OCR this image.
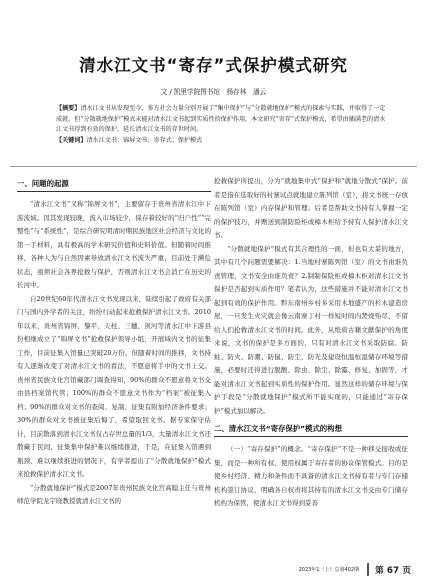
清水江文书“寄存”式保护模式研究
文 / 凯里学院图书馆　杨存林　潘云
【摘要】清水江文书从发现至今，多方社会力量分别开展了“集中保护”与“分散就地保护”模式的探索与实践，并取得了一定成就。但“分散就地保护”模式未能对清水江文书起到实质性的保护作用。本文研究“寄存”式保护模式，希望由插满老的清水江文书得到有效的保护，延长清水江文书的存世时间。
【关键词】清水江文书；锦屏文书；寄存式；保护模式
一、问题的起源

“清水江文书”又称“锦屏文书”，主要留存于贵州省清水江中下游流域。因其发现较晚，流入市场较少，保存着较好的“归户性”“完整性”与“系统性”，是综合研究明清时期民族地区社会经济与文化的第一手材料，具有极高的学术研究价值和史料价值。但随着时间推移，各种人为与自然因素导致清水江文书流失严重，目前处于濒危状态，亟须社会各界抢救与保护，否则清水江文书会消亡在历史的长河中。

自20世纪60年代清水江文书发现以来，陆续引起了政府有关部门与国内外学者的关注，纷纷行动起来抢救保护清水江文书。2010年以来，贵州省锦屏、黎平、天柱、三穗、剑河等清水江中下游县份相继成立了“锦屏文书”抢救保护领导小组，开展域内文书的征集工作，目前征集入馆量已突破20万份。但随着时间的推移，文书持有人逐渐改变了对清水江文书的看法，不愿意将手中的文书上交。贵州省民族文化宫馆藏部门调查得知，90%的群众不愿意将文书交由县档案馆代管；100%的群众不愿意文书作为“档案”被征集入档；90%的群众对文书的查阅、复制、征集有附加经济条件要求；30%的群众对文书被征集后悔了，希望取回文书。据专家保守估计，目前散落到清水江文书仅占存世总量的1/3，大量清水江文书还散藏于民间，征集集中保护难以继续推进，于是，在征集入馆遇到瓶颈、难以继续推进的情况下，有学者提出了“分散就地保护”模式来抢救保护清水江文书。

“分散就地保护”模式是2007年贵州民族文化宫高聪主任与贵州师范学院龙宇晓教授就清水江文书的

抢救保护所提出，分为“就地集中式”保护和“就地分散式”保护。前者是指在选取好的村寨试点就地建立陈列馆（室），将文书统一存放在陈列馆（室）内存保护和管理；后者是帮助文书持有人掌握一定的保护技巧，并赠送到制防险柜或樟木柜给予持有人保护清水江文书。

“分散就地保护”模式有其合理性的一面，但也有大妥的地方，其中有几个问题需要解决：1.当地村寨陈列馆（室）的文书由谁负责管理，文书安全由谁负责？2.制制保险柜或樟木柜对清水江文书保护是否起到实质作用？笔者认为，这些措施并不能对清水江文书起到有效的保护作用。黔东南州乡村多采用木地盛产的杉木建造房屋，一旦发生火灾就会像云南寨丁村一样短时间内焚烧殆尽，不留给人们抢救清水江文书的时间。此外，从纸质古籍文献保护的角度来说，文书的保护是多方面的，只有对清水江文书采取防腐、防蛀、防火、防潮、防鼠、防尘、防光及建设恒温恒湿储存环境等措施，必要时还得进行脱酸、除虫、除尘、除霉、修复、加固等，才能对清水江文书起到实质性的保护作用。显然这样的储存环境与保护手段是“分散就地保护”模式所不能实现的，只能通过“寄存保护”模式加以解决。

二、清水江文书“寄存保护”模式的构想

（一）“寄存保护”的概念。“寄存保护”不是一种移交接收或征集，而是一种所有权、使用权属于寄存者的协议保管模式。目的是使乡村经济、精力和条件而不具备的清水江文书持有者与专门存储机构签订协议，明确各自权责将其持有的清水江文书交由专门储存机构为保管，使清水江文书得到妥善

2023年1（上）总第402期	第 67 页
